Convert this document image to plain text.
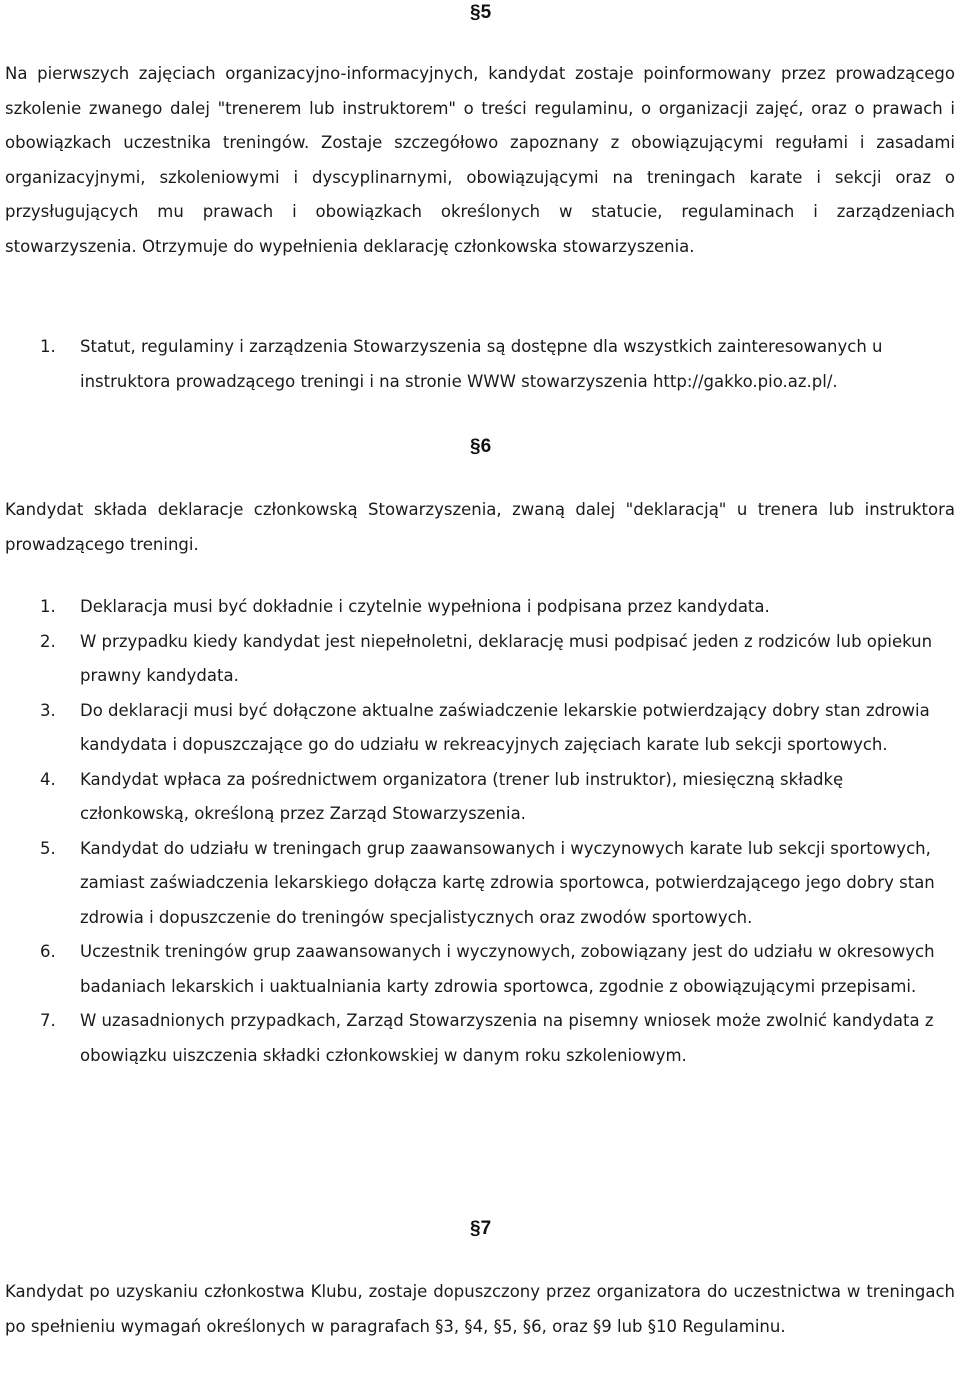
§5

Na pierwszych zajęciach organizacyjno-informacyjnych, kandydat zostaje poinformowany przez prowadzącego szkolenie zwanego dalej "trenerem lub instruktorem" o treści regulaminu, o organizacji zajęć, oraz o prawach i obowiązkach uczestnika treningów. Zostaje szczegółowo zapoznany z obowiązującymi regułami i zasadami organizacyjnymi, szkoleniowymi i dyscyplinarnymi, obowiązującymi na treningach karate i sekcji oraz o przysługujących mu prawach i obowiązkach określonych w statucie, regulaminach i zarządzeniach stowarzyszenia. Otrzymuje do wypełnienia deklarację członkowska stowarzyszenia.

1. Statut, regulaminy i zarządzenia Stowarzyszenia są dostępne dla wszystkich zainteresowanych u instruktora prowadzącego treningi i na stronie WWW stowarzyszenia http://gakko.pio.az.pl/.
§6

Kandydat składa deklaracje członkowską Stowarzyszenia, zwaną dalej "deklaracją" u trenera lub instruktora prowadzącego treningi.

1. Deklaracja musi być dokładnie i czytelnie wypełniona i podpisana przez kandydata.
2. W przypadku kiedy kandydat jest niepełnoletni, deklarację musi podpisać jeden z rodziców lub opiekun prawny kandydata.
3. Do deklaracji musi być dołączone aktualne zaświadczenie lekarskie potwierdzający dobry stan zdrowia kandydata i dopuszczające go do udziału w rekreacyjnych zajęciach karate lub sekcji sportowych.
4. Kandydat wpłaca za pośrednictwem organizatora (trener lub instruktor), miesięczną składkę członkowską, określoną przez Zarząd Stowarzyszenia.
5. Kandydat do udziału w treningach grup zaawansowanych i wyczynowych karate lub sekcji sportowych, zamiast zaświadczenia lekarskiego dołącza kartę zdrowia sportowca, potwierdzającego jego dobry stan zdrowia i dopuszczenie do treningów specjalistycznych oraz zwodów sportowych.
6. Uczestnik treningów grup zaawansowanych i wyczynowych, zobowiązany jest do udziału w okresowych badaniach lekarskich i uaktualniania karty zdrowia sportowca, zgodnie z obowiązującymi przepisami.
7. W uzasadnionych przypadkach, Zarząd Stowarzyszenia na pisemny wniosek może zwolnić kandydata z obowiązku uiszczenia składki członkowskiej w danym roku szkoleniowym.
§7

Kandydat po uzyskaniu członkostwa Klubu, zostaje dopuszczony przez organizatora do uczestnictwa w treningach po spełnieniu wymagań określonych w paragrafach §3, §4, §5, §6, oraz §9 lub §10 Regulaminu.
